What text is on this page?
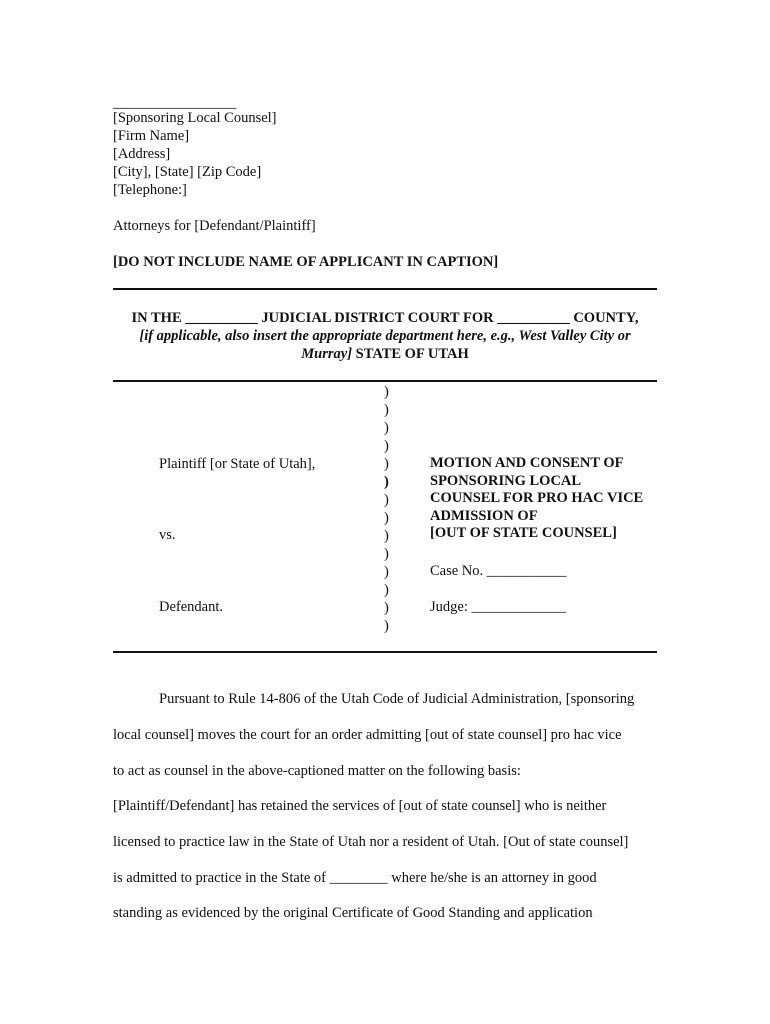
_________________
[Sponsoring Local Counsel]
[Firm Name]
[Address]
[City], [State] [Zip Code]
[Telephone:]
Attorneys for [Defendant/Plaintiff]
[DO NOT INCLUDE NAME OF APPLICANT IN CAPTION]
IN THE __________ JUDICIAL DISTRICT COURT FOR __________ COUNTY,
[if applicable, also insert the appropriate department here, e.g., West Valley City or
Murray] STATE OF UTAH
Plaintiff [or State of Utah],
vs.
Defendant.
)
)
)
)
)
)
)
)
)
)
)
)
)
)
MOTION AND CONSENT OF
SPONSORING LOCAL
COUNSEL FOR PRO HAC VICE
ADMISSION OF
[OUT OF STATE COUNSEL]
Case No. ___________
Judge: _____________
Pursuant to Rule 14-806 of the Utah Code of Judicial Administration, [sponsoring
local counsel] moves the court for an order admitting [out of state counsel] pro hac vice
to act as counsel in the above-captioned matter on the following basis:
[Plaintiff/Defendant] has retained the services of [out of state counsel] who is neither
licensed to practice law in the State of Utah nor a resident of Utah. [Out of state counsel]
is admitted to practice in the State of ________ where he/she is an attorney in good
standing as evidenced by the original Certificate of Good Standing and application
